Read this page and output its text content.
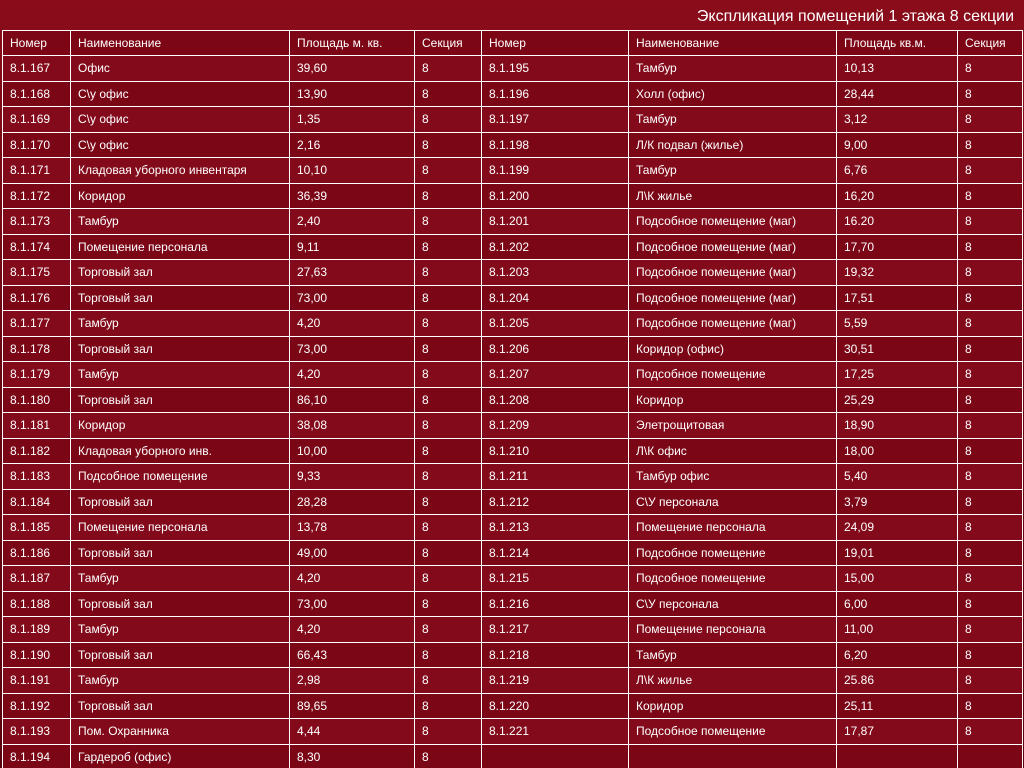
Экспликация помещений 1 этажа 8 секции
Номер	Наименование	Площадь м. кв.	Секция	Номер	Наименование	Площадь кв.м.	Секция
8.1.167	Офис	39,60	8	8.1.195	Тамбур	10,13	8
8.1.168	С\у офис	13,90	8	8.1.196	Холл (офис)	28,44	8
8.1.169	С\у офис	1,35	8	8.1.197	Тамбур	3,12	8
8.1.170	С\у офис	2,16	8	8.1.198	Л/К подвал (жилье)	9,00	8
8.1.171	Кладовая уборного инвентаря	10,10	8	8.1.199	Тамбур	6,76	8
8.1.172	Коридор	36,39	8	8.1.200	Л\К жилье	16,20	8
8.1.173	Тамбур	2,40	8	8.1.201	Подсобное помещение (маг)	16.20	8
8.1.174	Помещение персонала	9,11	8	8.1.202	Подсобное помещение (маг)	17,70	8
8.1.175	Торговый зал	27,63	8	8.1.203	Подсобное помещение (маг)	19,32	8
8.1.176	Торговый зал	73,00	8	8.1.204	Подсобное помещение (маг)	17,51	8
8.1.177	Тамбур	4,20	8	8.1.205	Подсобное помещение (маг)	5,59	8
8.1.178	Торговый зал	73,00	8	8.1.206	Коридор (офис)	30,51	8
8.1.179	Тамбур	4,20	8	8.1.207	Подсобное помещение	17,25	8
8.1.180	Торговый зал	86,10	8	8.1.208	Коридор	25,29	8
8.1.181	Коридор	38,08	8	8.1.209	Элетрощитовая	18,90	8
8.1.182	Кладовая уборного инв.	10,00	8	8.1.210	Л\К офис	18,00	8
8.1.183	Подсобное помещение	9,33	8	8.1.211	Тамбур офис	5,40	8
8.1.184	Торговый зал	28,28	8	8.1.212	С\У персонала	3,79	8
8.1.185	Помещение персонала	13,78	8	8.1.213	Помещение персонала	24,09	8
8.1.186	Торговый зал	49,00	8	8.1.214	Подсобное помещение	19,01	8
8.1.187	Тамбур	4,20	8	8.1.215	Подсобное помещение	15,00	8
8.1.188	Торговый зал	73,00	8	8.1.216	С\У персонала	6,00	8
8.1.189	Тамбур	4,20	8	8.1.217	Помещение персонала	11,00	8
8.1.190	Торговый зал	66,43	8	8.1.218	Тамбур	6,20	8
8.1.191	Тамбур	2,98	8	8.1.219	Л\К жилье	25.86	8
8.1.192	Торговый зал	89,65	8	8.1.220	Коридор	25,11	8
8.1.193	Пом. Охранника	4,44	8	8.1.221	Подсобное помещение	17,87	8
8.1.194	Гардероб (офис)	8,30	8				
